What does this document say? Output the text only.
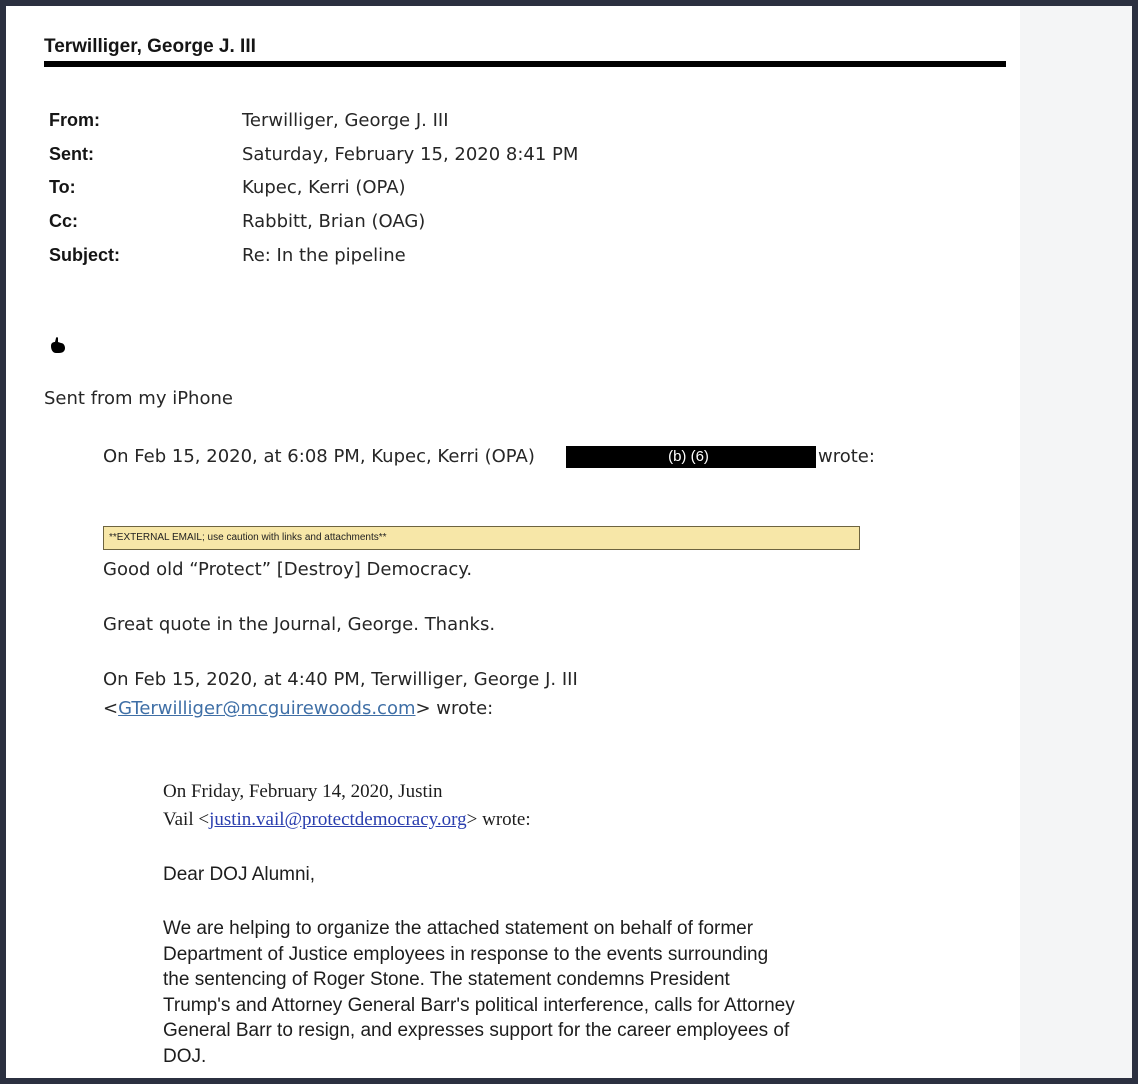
Terwilliger, George J. III
From:	Terwilliger, George J. III
Sent:	Saturday, February 15, 2020 8:41 PM
To:	Kupec, Kerri (OPA)
Cc:	Rabbitt, Brian (OAG)
Subject:	Re: In the pipeline
Sent from my iPhone
On Feb 15, 2020, at 6:08 PM, Kupec, Kerri (OPA)	(b) (6)	wrote:
**EXTERNAL EMAIL; use caution with links and attachments**
Good old “Protect” [Destroy] Democracy.
Great quote in the Journal, George. Thanks.
On Feb 15, 2020, at 4:40 PM, Terwilliger, George J. III
<GTerwilliger@mcguirewoods.com> wrote:
On Friday, February 14, 2020, Justin
Vail <justin.vail@protectdemocracy.org> wrote:
Dear DOJ Alumni,
We are helping to organize the attached statement on behalf of former
Department of Justice employees in response to the events surrounding
the sentencing of Roger Stone. The statement condemns President
Trump's and Attorney General Barr's political interference, calls for Attorney
General Barr to resign, and expresses support for the career employees of
DOJ.
